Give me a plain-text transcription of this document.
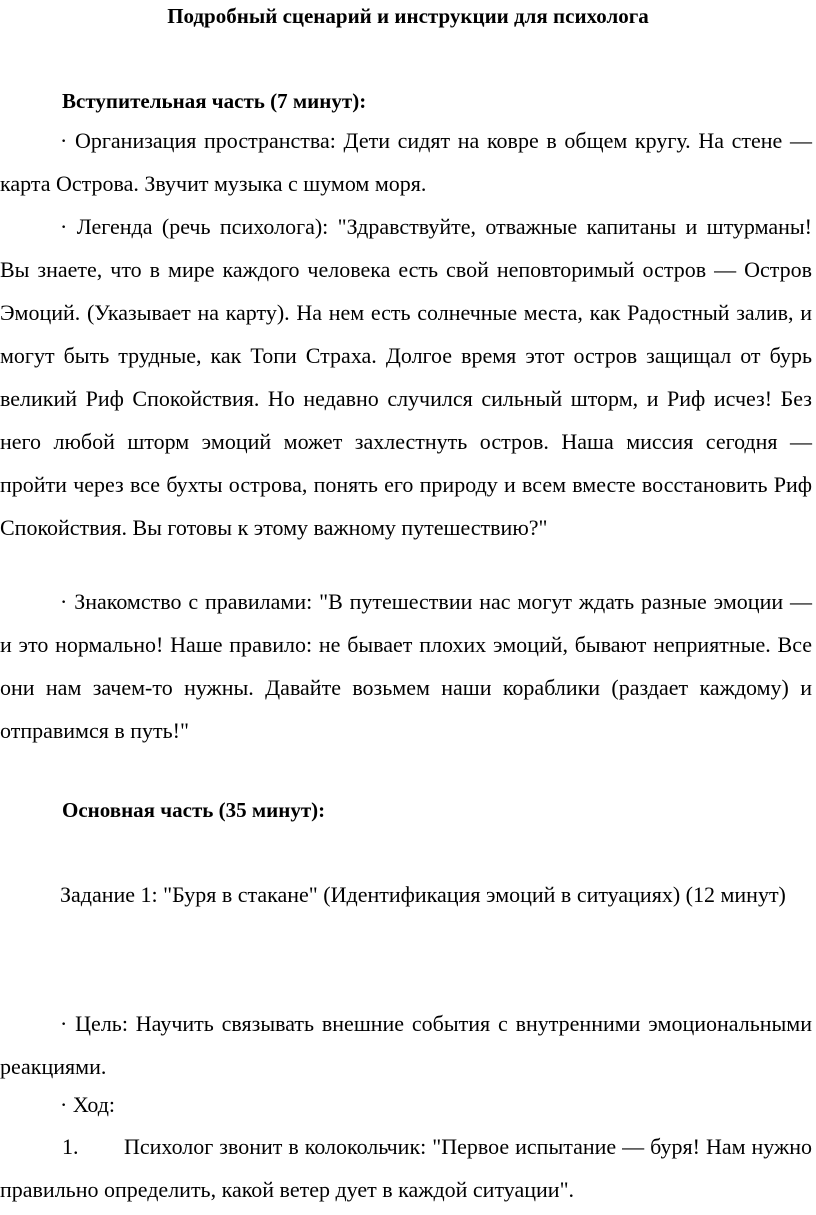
Подробный сценарий и инструкции для психолога
Вступительная часть (7 минут):
· Организация пространства: Дети сидят на ковре в общем кругу. На стене — карта Острова. Звучит музыка с шумом моря.
· Легенда (речь психолога): "Здравствуйте, отважные капитаны и штурманы! Вы знаете, что в мире каждого человека есть свой неповторимый остров — Остров Эмоций. (Указывает на карту). На нем есть солнечные места, как Радостный залив, и могут быть трудные, как Топи Страха. Долгое время этот остров защищал от бурь великий Риф Спокойствия. Но недавно случился сильный шторм, и Риф исчез! Без него любой шторм эмоций может захлестнуть остров. Наша миссия сегодня — пройти через все бухты острова, понять его природу и всем вместе восстановить Риф Спокойствия. Вы готовы к этому важному путешествию?"
· Знакомство с правилами: "В путешествии нас могут ждать разные эмоции — и это нормально! Наше правило: не бывает плохих эмоций, бывают неприятные. Все они нам зачем-то нужны. Давайте возьмем наши кораблики (раздает каждому) и отправимся в путь!"
Основная часть (35 минут):
Задание 1: "Буря в стакане" (Идентификация эмоций в ситуациях) (12 минут)
· Цель: Научить связывать внешние события с внутренними эмоциональными реакциями.
· Ход:
1. Психолог звонит в колокольчик: "Первое испытание — буря! Нам нужно правильно определить, какой ветер дует в каждой ситуации".
